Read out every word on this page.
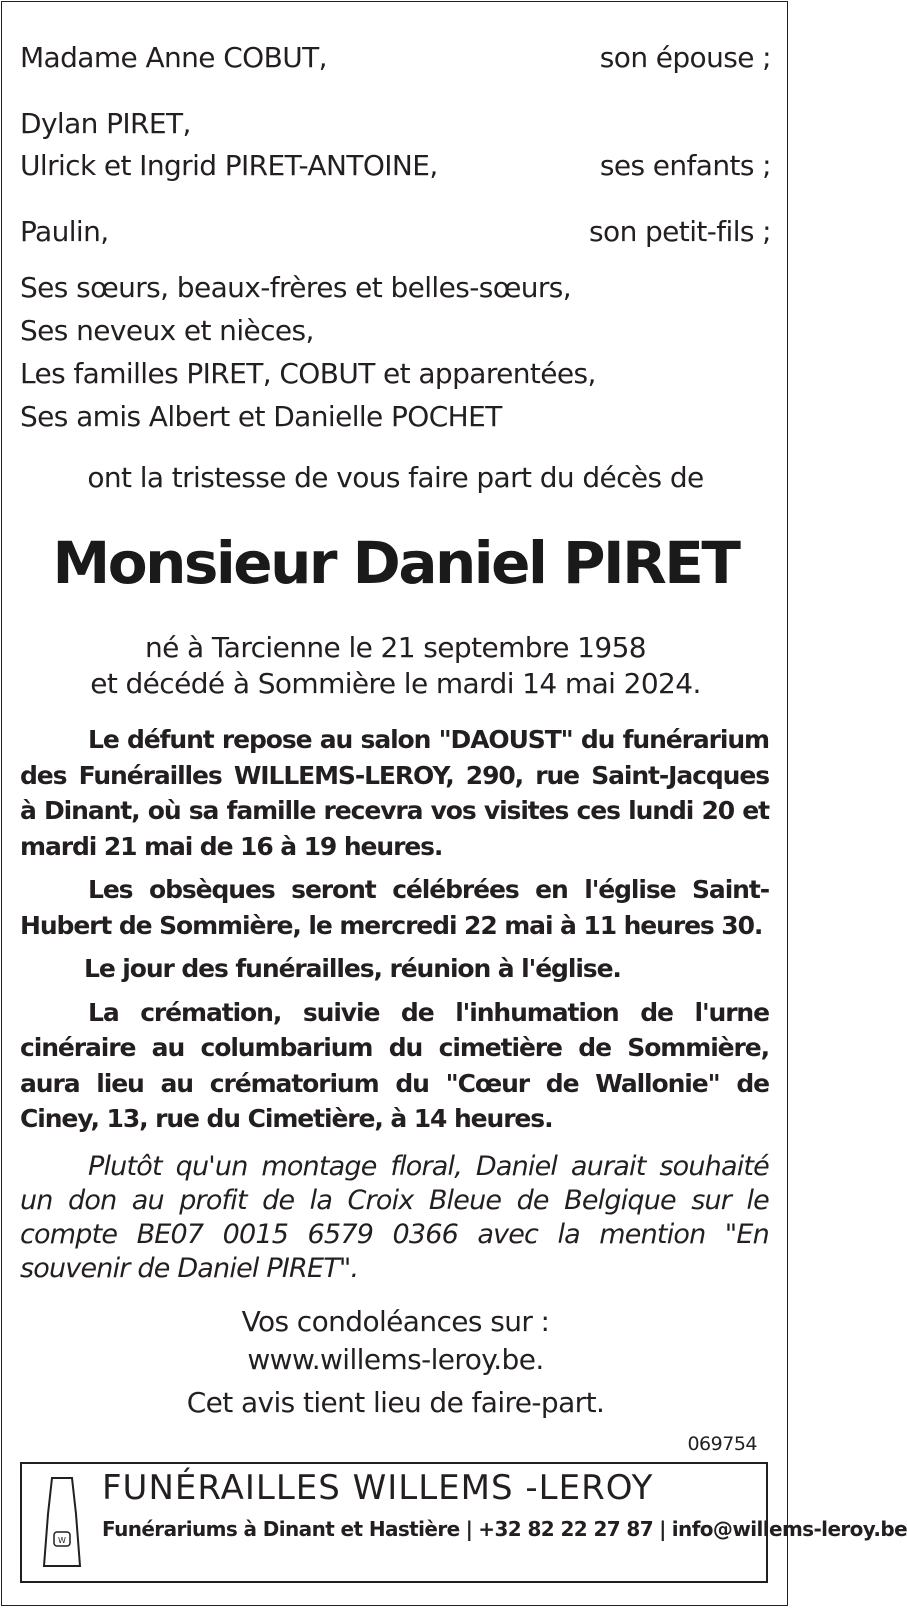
Madame Anne COBUT,	son épouse ;
Dylan PIRET,
Ulrick et Ingrid PIRET-ANTOINE,	ses enfants ;
Paulin,	son petit-fils ;
Ses sœurs, beaux-frères et belles-sœurs,
Ses neveux et nièces,
Les familles PIRET, COBUT et apparentées,
Ses amis Albert et Danielle POCHET
ont la tristesse de vous faire part du décès de
Monsieur Daniel PIRET
né à Tarcienne le 21 septembre 1958
et décédé à Sommière le mardi 14 mai 2024.
Le défunt repose au salon "DAOUST" du funérarium des Funérailles WILLEMS-LEROY, 290, rue Saint-Jacques à Dinant, où sa famille recevra vos visites ces lundi 20 et mardi 21 mai de 16 à 19 heures.
Les obsèques seront célébrées en l'église Saint-Hubert de Sommière, le mercredi 22 mai à 11 heures 30.
Le jour des funérailles, réunion à l'église.
La crémation, suivie de l'inhumation de l'urne cinéraire au columbarium du cimetière de Sommière, aura lieu au crématorium du "Cœur de Wallonie" de Ciney, 13, rue du Cimetière, à 14 heures.
Plutôt qu'un montage floral, Daniel aurait souhaité un don au profit de la Croix Bleue de Belgique sur le compte BE07 0015 6579 0366 avec la mention "En souvenir de Daniel PIRET".
Vos condoléances sur :
www.willems-leroy.be.
Cet avis tient lieu de faire-part.
069754
W
FUNÉRAILLES WILLEMS -LEROY
Funérariums à Dinant et Hastière | +32 82 22 27 87 | info@willems-leroy.be
